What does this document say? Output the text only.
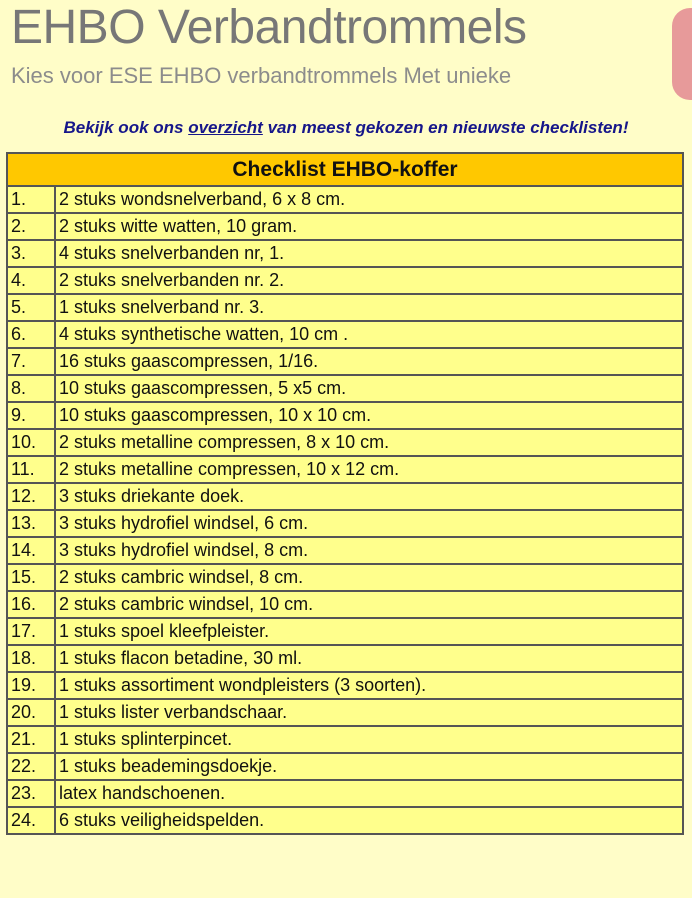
EHBO Verbandtrommels
Kies voor ESE EHBO verbandtrommels Met unieke
Bekijk ook ons overzicht van meest gekozen en nieuwste checklisten!
Checklist EHBO-koffer	
1.	2 stuks wondsnelverband, 6 x 8 cm.
2.	2 stuks witte watten, 10 gram.
3.	4 stuks snelverbanden nr, 1.
4.	2 stuks snelverbanden nr. 2.
5.	1 stuks snelverband nr. 3.
6.	4 stuks synthetische watten, 10 cm .
7.	16 stuks gaascompressen, 1/16.
8.	10 stuks gaascompressen, 5 x5 cm.
9.	10 stuks gaascompressen, 10 x 10 cm.
10.	2 stuks metalline compressen, 8 x 10 cm.
11.	2 stuks metalline compressen, 10 x 12 cm.
12.	3 stuks driekante doek.
13.	3 stuks hydrofiel windsel, 6 cm.
14.	3 stuks hydrofiel windsel, 8 cm.
15.	2 stuks cambric windsel, 8 cm.
16.	2 stuks cambric windsel, 10 cm.
17.	1 stuks spoel kleefpleister.
18.	1 stuks flacon betadine, 30 ml.
19.	1 stuks assortiment wondpleisters (3 soorten).
20.	1 stuks lister verbandschaar.
21.	1 stuks splinterpincet.
22.	1 stuks beademingsdoekje.
23.	latex handschoenen.
24.	6 stuks veiligheidspelden.
